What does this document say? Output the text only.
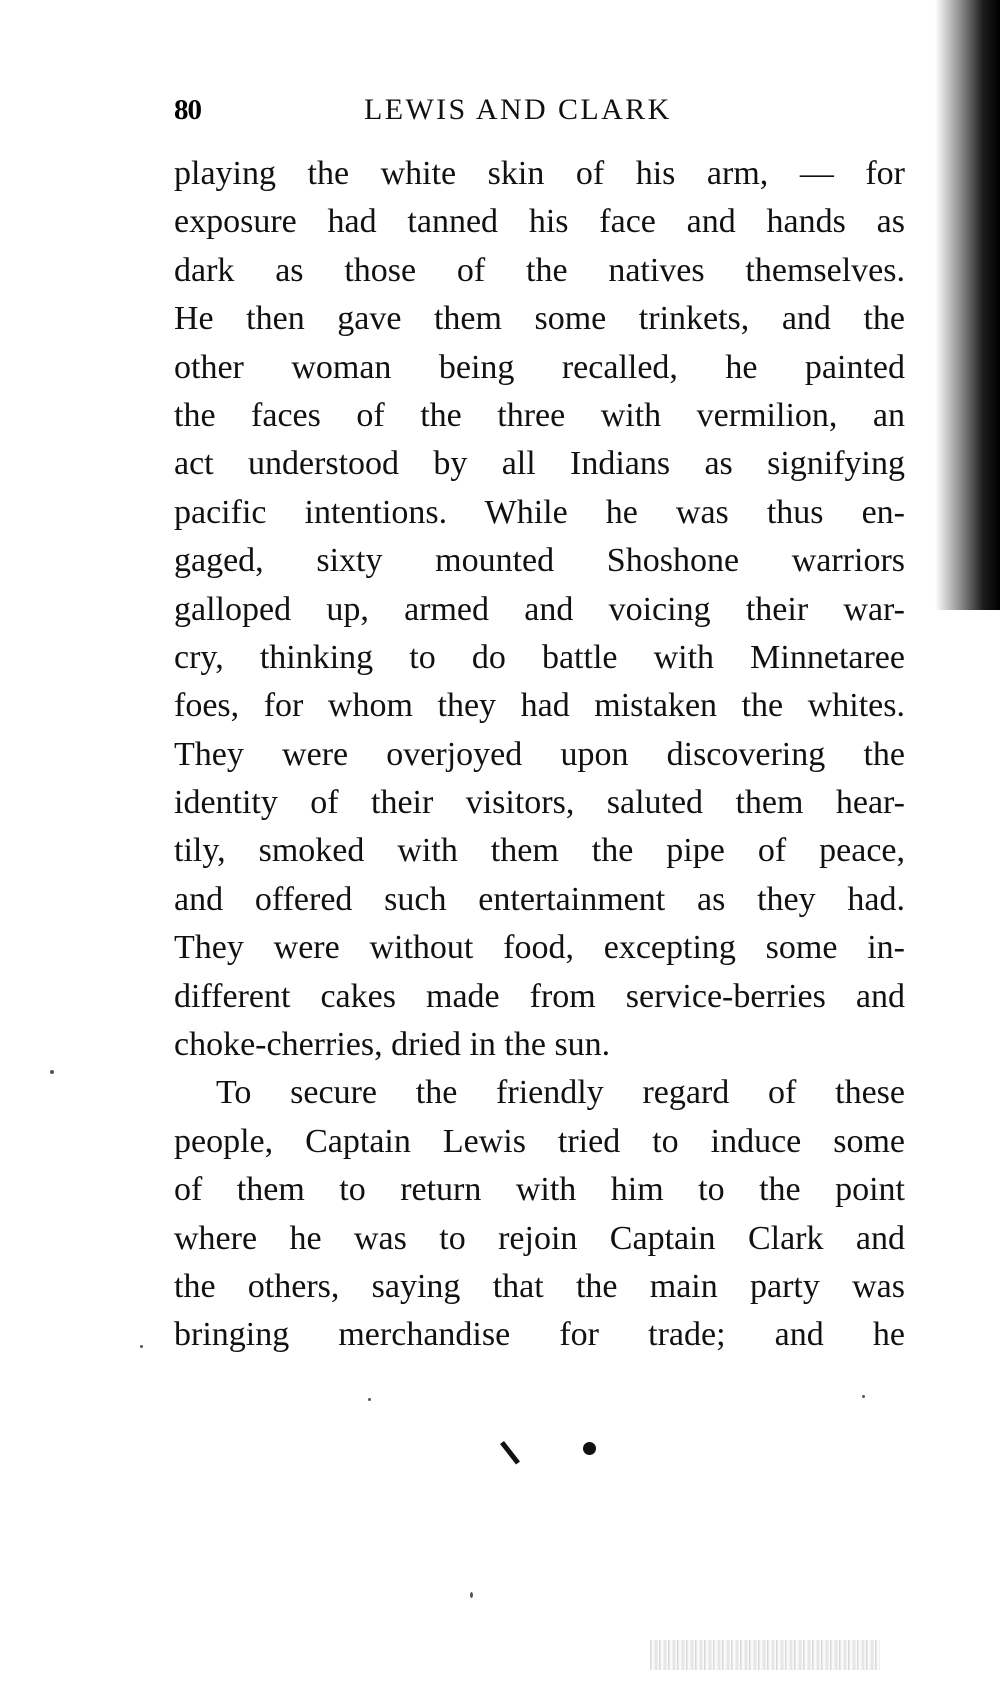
80	LEWIS AND CLARK
playing the white skin of his arm, — for
exposure had tanned his face and hands as
dark as those of the natives themselves.
He then gave them some trinkets, and the
other woman being recalled, he painted
the faces of the three with vermilion, an
act understood by all Indians as signifying
pacific intentions. While he was thus en-
gaged, sixty mounted Shoshone warriors
galloped up, armed and voicing their war-
cry, thinking to do battle with Minnetaree
foes, for whom they had mistaken the whites.
They were overjoyed upon discovering the
identity of their visitors, saluted them hear-
tily, smoked with them the pipe of peace,
and offered such entertainment as they had.
They were without food, excepting some in-
different cakes made from service-berries and
choke-cherries, dried in the sun.
To secure the friendly regard of these
people, Captain Lewis tried to induce some
of them to return with him to the point
where he was to rejoin Captain Clark and
the others, saying that the main party was
bringing merchandise for trade; and he
